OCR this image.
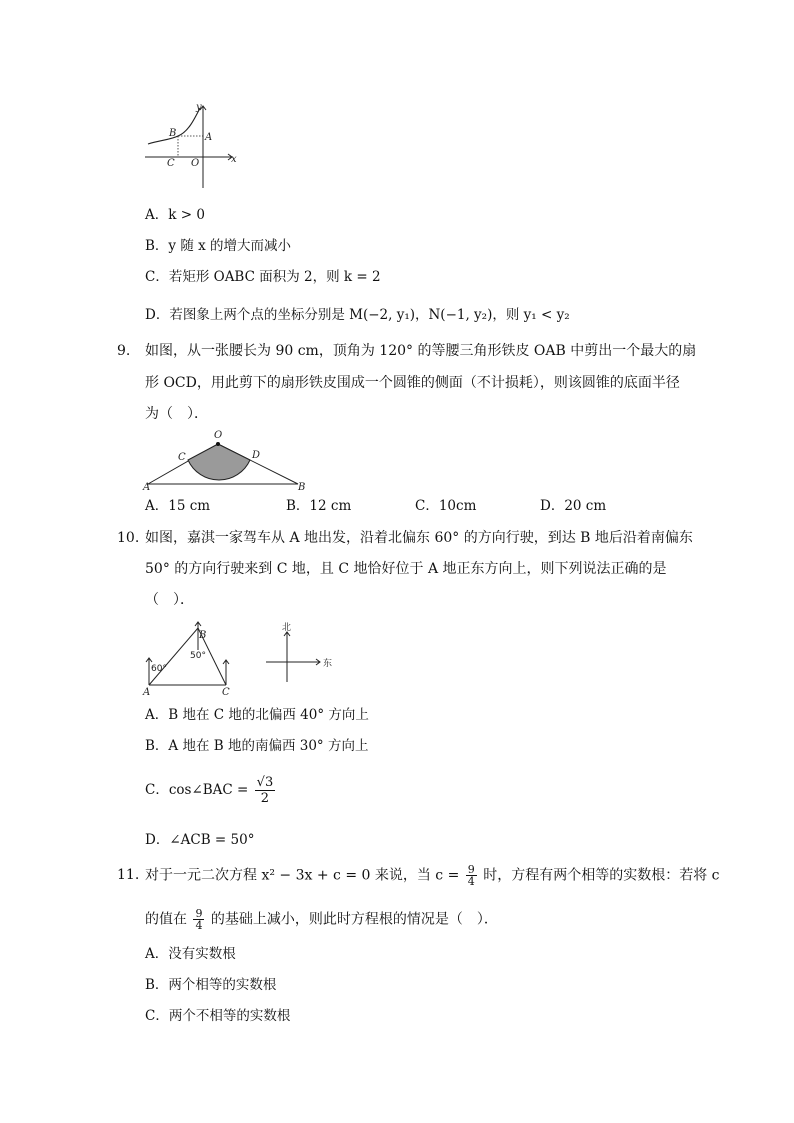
y
x
A
B
C O
A．k > 0
B．y 随 x 的增大而减小
C．若矩形 OABC 面积为 2，则 k = 2
D．若图象上两个点的坐标分别是 M(−2, y₁)，N(−1, y₂)，则 y₁ < y₂
9. 如图，从一张腰长为 90 cm，顶角为 120° 的等腰三角形铁皮 OAB 中剪出一个最大的扇
形 OCD，用此剪下的扇形铁皮围成一个圆锥的侧面（不计损耗），则该圆锥的底面半径
为（　）．
O
C	D
A	B
A．15 cm	B．12 cm	C．10cm	D．20 cm
10. 如图，嘉淇一家驾车从 A 地出发，沿着北偏东 60° 的方向行驶，到达 B 地后沿着南偏东
50° 的方向行驶来到 C 地，且 C 地恰好位于 A 地正东方向上，则下列说法正确的是
（　）．
60°
50°
B
A	C
北
东
A．B 地在 C 地的北偏西 40° 方向上
B．A 地在 B 地的南偏西 30° 方向上
C．cos∠BAC = $\frac{√3}{2}$
D．∠ACB = 50°
11. 对于一元二次方程 x² − 3x + c = 0 来说，当 $c = \frac{9}{4}$ 时，方程有两个相等的实数根：若将 c
的值在 $\frac{9}{4}$ 的基础上减小，则此时方程根的情况是（　）．
A．没有实数根
B．两个相等的实数根
C．两个不相等的实数根
